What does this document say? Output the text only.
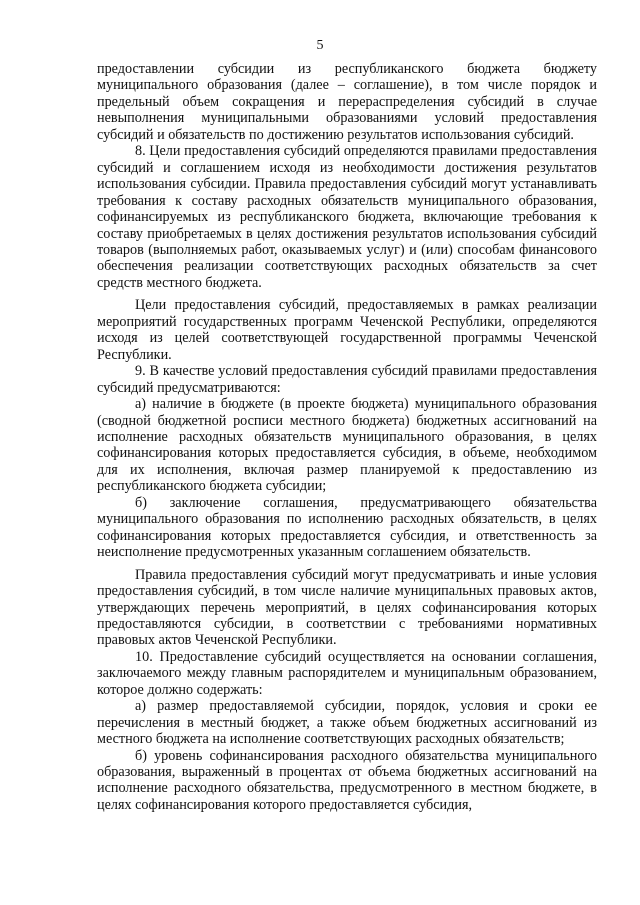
5

предоставлении субсидии из республиканского бюджета бюджету муниципального образования (далее – соглашение), в том числе порядок и предельный объем сокращения и перераспределения субсидий в случае невыполнения муниципальными образованиями условий предоставления субсидий и обязательств по достижению результатов использования субсидий.

8. Цели предоставления субсидий определяются правилами предоставления субсидий и соглашением исходя из необходимости достижения результатов использования субсидии. Правила предоставления субсидий могут устанавливать требования к составу расходных обязательств муниципального образования, софинансируемых из республиканского бюджета, включающие требования к составу приобретаемых в целях достижения результатов использования субсидий товаров (выполняемых работ, оказываемых услуг) и (или) способам финансового обеспечения реализации соответствующих расходных обязательств за счет средств местного бюджета.

Цели предоставления субсидий, предоставляемых в рамках реализации мероприятий государственных программ Чеченской Республики, определяются исходя из целей соответствующей государственной программы Чеченской Республики.

9. В качестве условий предоставления субсидий правилами предоставления субсидий предусматриваются:

а) наличие в бюджете (в проекте бюджета) муниципального образования (сводной бюджетной росписи местного бюджета) бюджетных ассигнований на исполнение расходных обязательств муниципального образования, в целях софинансирования которых предоставляется субсидия, в объеме, необходимом для их исполнения, включая размер планируемой к предоставлению из республиканского бюджета субсидии;

б) заключение соглашения, предусматривающего обязательства муниципального образования по исполнению расходных обязательств, в целях софинансирования которых предоставляется субсидия, и ответственность за неисполнение предусмотренных указанным соглашением обязательств.

Правила предоставления субсидий могут предусматривать и иные условия предоставления субсидий, в том числе наличие муниципальных правовых актов, утверждающих перечень мероприятий, в целях софинансирования которых предоставляются субсидии, в соответствии с требованиями нормативных правовых актов Чеченской Республики.

10. Предоставление субсидий осуществляется на основании соглашения, заключаемого между главным распорядителем и муниципальным образованием, которое должно содержать:

а) размер предоставляемой субсидии, порядок, условия и сроки ее перечисления в местный бюджет, а также объем бюджетных ассигнований из местного бюджета на исполнение соответствующих расходных обязательств;

б) уровень софинансирования расходного обязательства муниципального образования, выраженный в процентах от объема бюджетных ассигнований на исполнение расходного обязательства, предусмотренного в местном бюджете, в целях софинансирования которого предоставляется субсидия,
